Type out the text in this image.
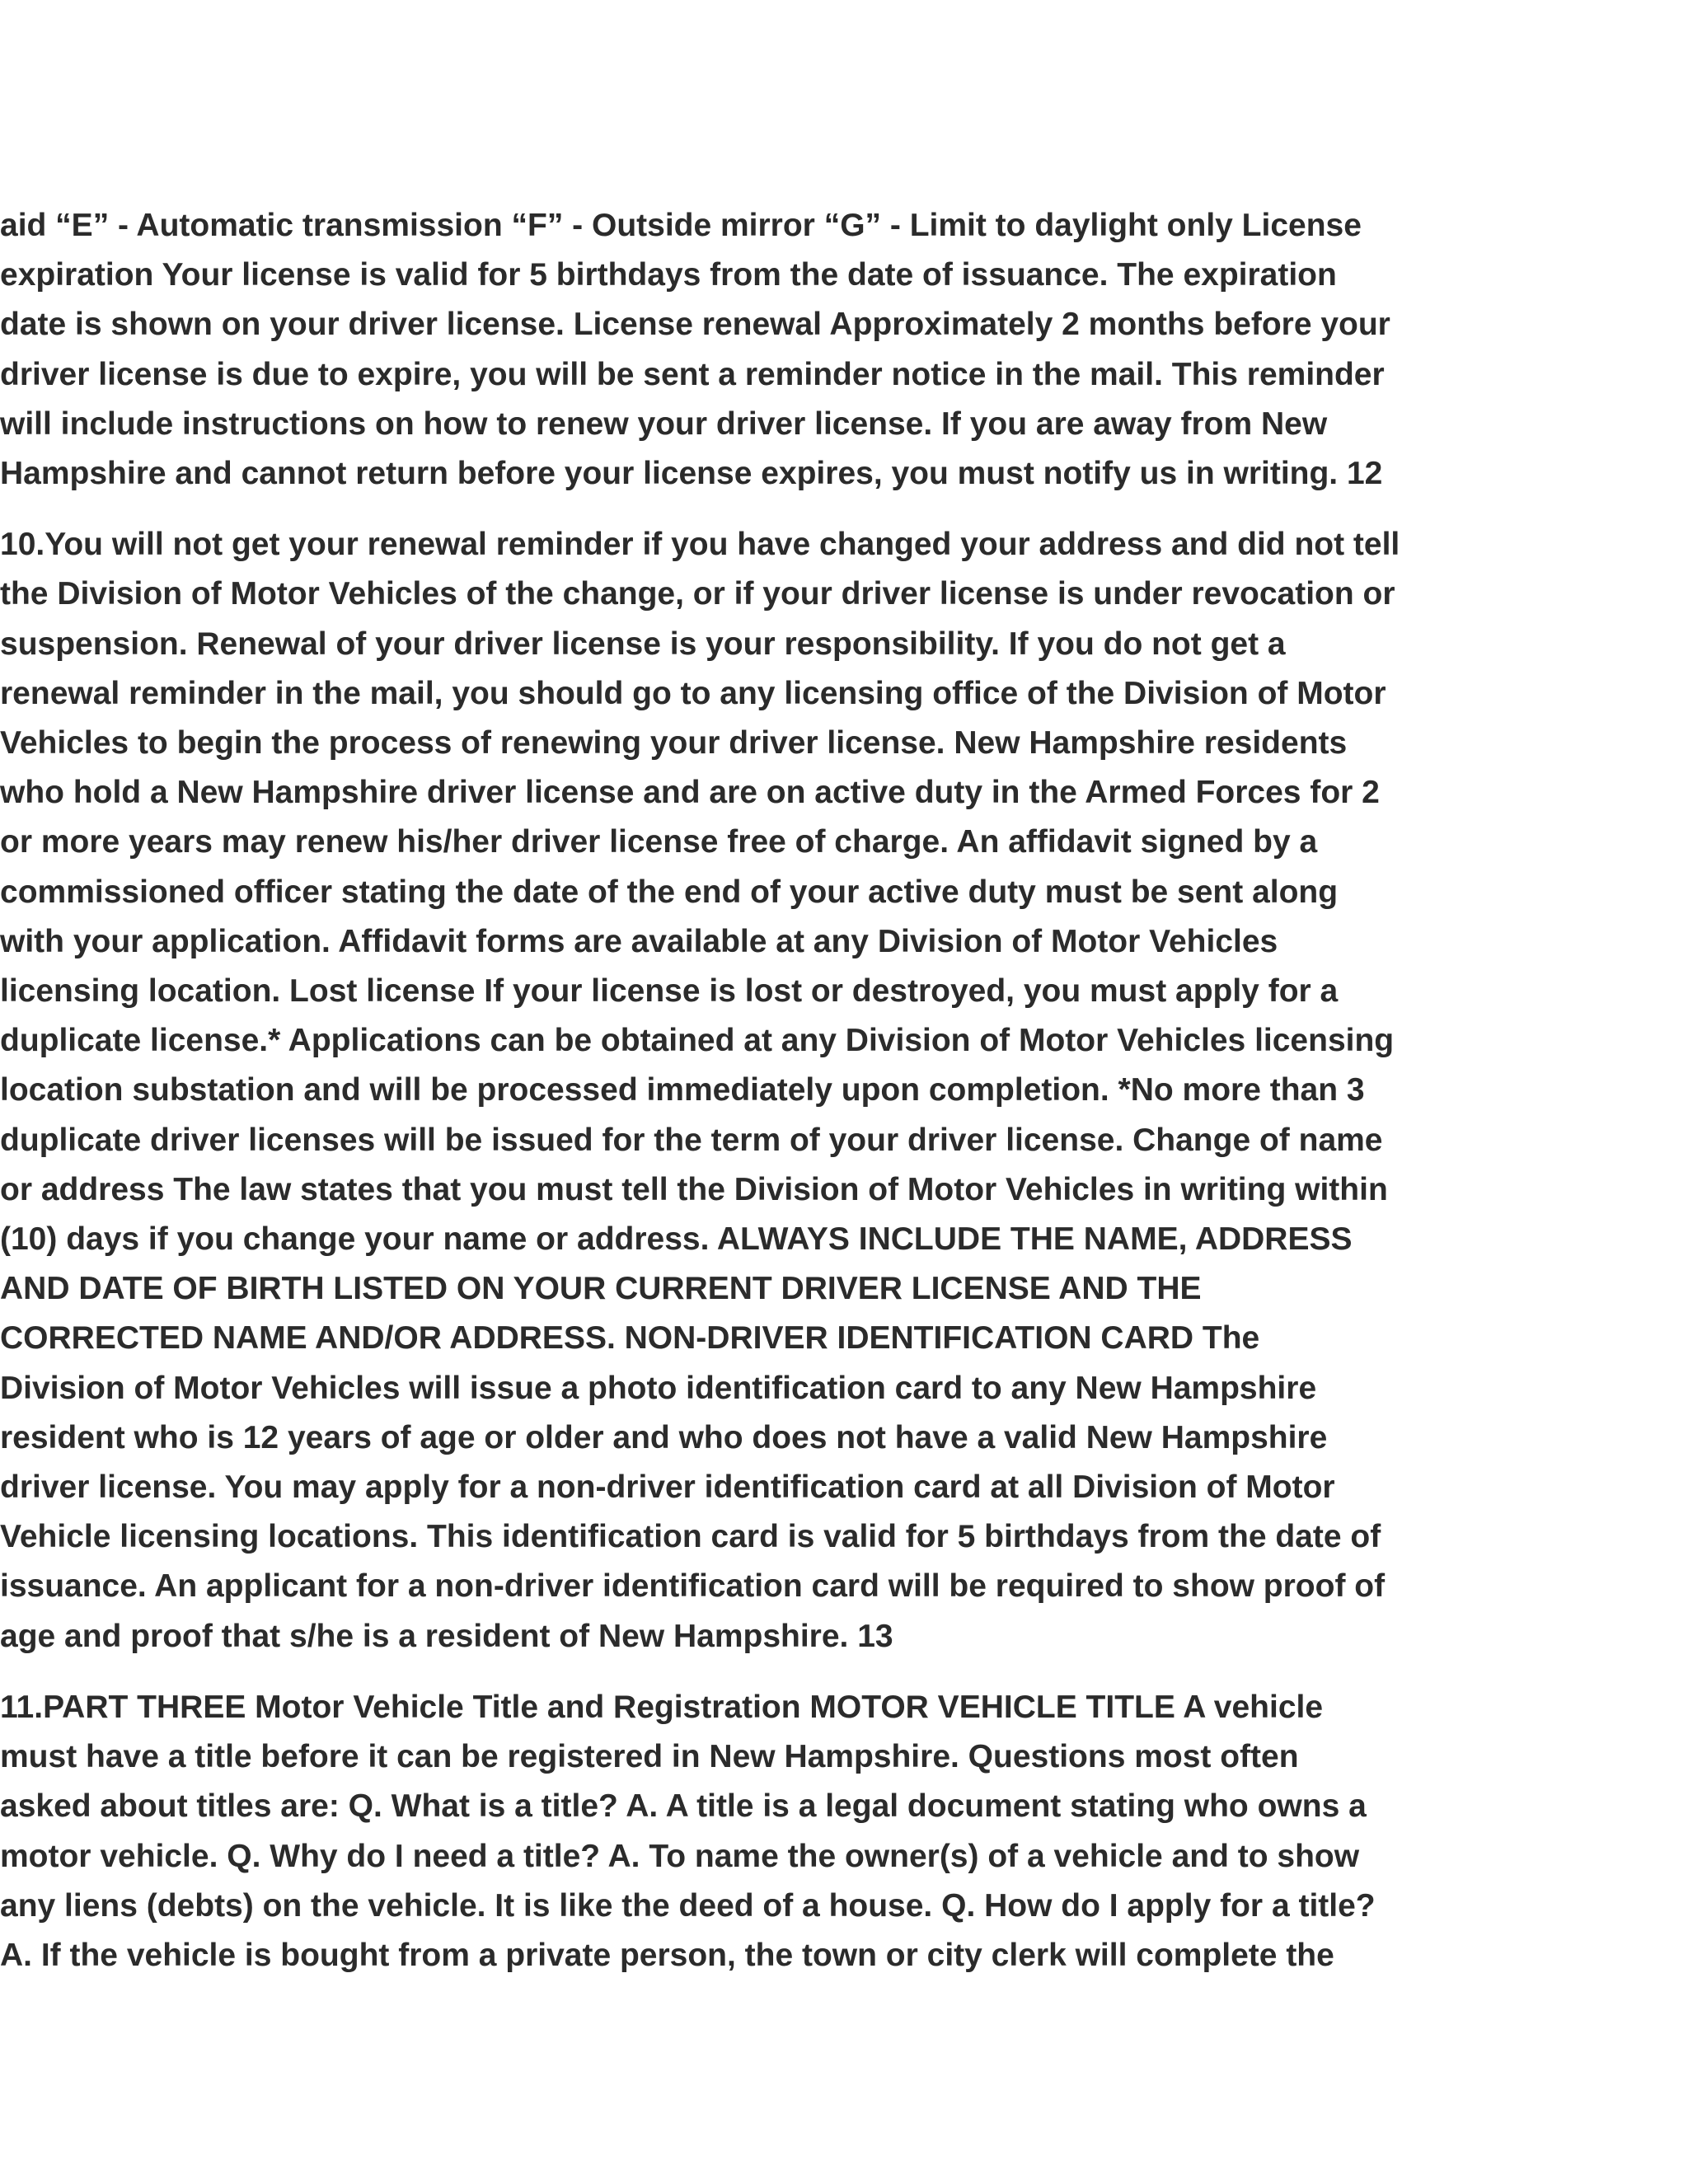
aid “E” - Automatic transmission “F” - Outside mirror “G” - Limit to daylight only License
expiration Your license is valid for 5 birthdays from the date of issuance. The expiration
date is shown on your driver license. License renewal Approximately 2 months before your
driver license is due to expire, you will be sent a reminder notice in the mail. This reminder
will include instructions on how to renew your driver license. If you are away from New
Hampshire and cannot return before your license expires, you must notify us in writing. 12
10.You will not get your renewal reminder if you have changed your address and did not tell
the Division of Motor Vehicles of the change, or if your driver license is under revocation or
suspension. Renewal of your driver license is your responsibility. If you do not get a
renewal reminder in the mail, you should go to any licensing office of the Division of Motor
Vehicles to begin the process of renewing your driver license. New Hampshire residents
who hold a New Hampshire driver license and are on active duty in the Armed Forces for 2
or more years may renew his/her driver license free of charge. An affidavit signed by a
commissioned officer stating the date of the end of your active duty must be sent along
with your application. Affidavit forms are available at any Division of Motor Vehicles
licensing location. Lost license If your license is lost or destroyed, you must apply for a
duplicate license.* Applications can be obtained at any Division of Motor Vehicles licensing
location substation and will be processed immediately upon completion. *No more than 3
duplicate driver licenses will be issued for the term of your driver license. Change of name
or address The law states that you must tell the Division of Motor Vehicles in writing within
(10) days if you change your name or address. ALWAYS INCLUDE THE NAME, ADDRESS
AND DATE OF BIRTH LISTED ON YOUR CURRENT DRIVER LICENSE AND THE
CORRECTED NAME AND/OR ADDRESS. NON-DRIVER IDENTIFICATION CARD The
Division of Motor Vehicles will issue a photo identification card to any New Hampshire
resident who is 12 years of age or older and who does not have a valid New Hampshire
driver license. You may apply for a non-driver identification card at all Division of Motor
Vehicle licensing locations. This identification card is valid for 5 birthdays from the date of
issuance. An applicant for a non-driver identification card will be required to show proof of
age and proof that s/he is a resident of New Hampshire. 13
11.PART THREE Motor Vehicle Title and Registration MOTOR VEHICLE TITLE A vehicle
must have a title before it can be registered in New Hampshire. Questions most often
asked about titles are: Q. What is a title? A. A title is a legal document stating who owns a
motor vehicle. Q. Why do I need a title? A. To name the owner(s) of a vehicle and to show
any liens (debts) on the vehicle. It is like the deed of a house. Q. How do I apply for a title?
A. If the vehicle is bought from a private person, the town or city clerk will complete the
